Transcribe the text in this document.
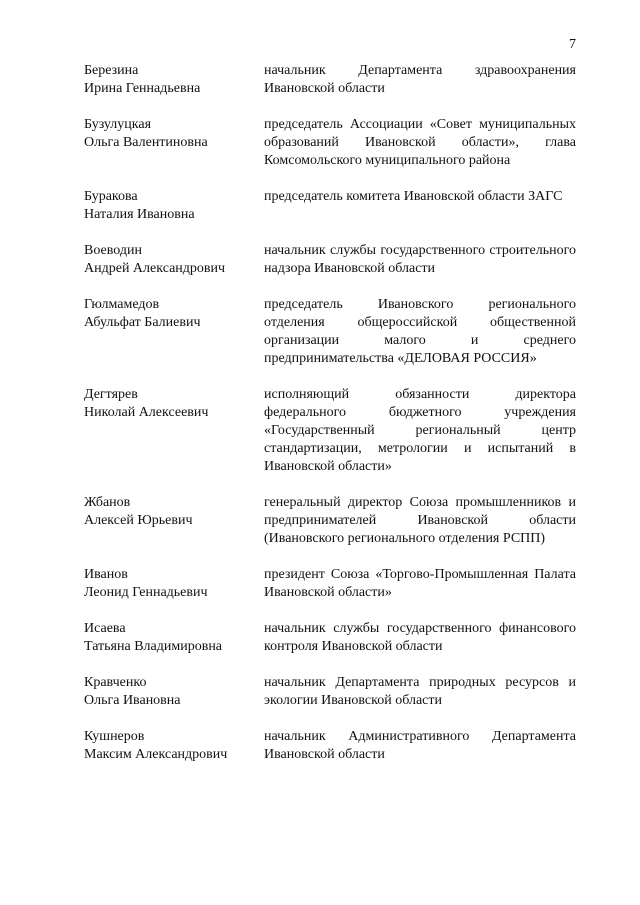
7
Березина
Ирина Геннадьевна
начальник Департамента здравоохранения Ивановской области
Бузулуцкая
Ольга Валентиновна
председатель Ассоциации «Совет муниципальных образований Ивановской области», глава Комсомольского муниципального района
Буракова
Наталия Ивановна
председатель комитета Ивановской области ЗАГС
Воеводин
Андрей Александрович
начальник службы государственного строительного надзора Ивановской области
Гюлмамедов
Абульфат Балиевич
председатель Ивановского регионального отделения общероссийской общественной организации малого и среднего предпринимательства «ДЕЛОВАЯ РОССИЯ»
Дегтярев
Николай Алексеевич
исполняющий обязанности директора федерального бюджетного учреждения «Государственный региональный центр стандартизации, метрологии и испытаний в Ивановской области»
Жбанов
Алексей Юрьевич
генеральный директор Союза промышленников и предпринимателей Ивановской области (Ивановского регионального отделения РСПП)
Иванов
Леонид Геннадьевич
президент Союза «Торгово-Промышленная Палата Ивановской области»
Исаева
Татьяна Владимировна
начальник службы государственного финансового контроля Ивановской области
Кравченко
Ольга Ивановна
начальник Департамента природных ресурсов и экологии Ивановской области
Кушнеров
Максим Александрович
начальник Административного Департамента Ивановской области
